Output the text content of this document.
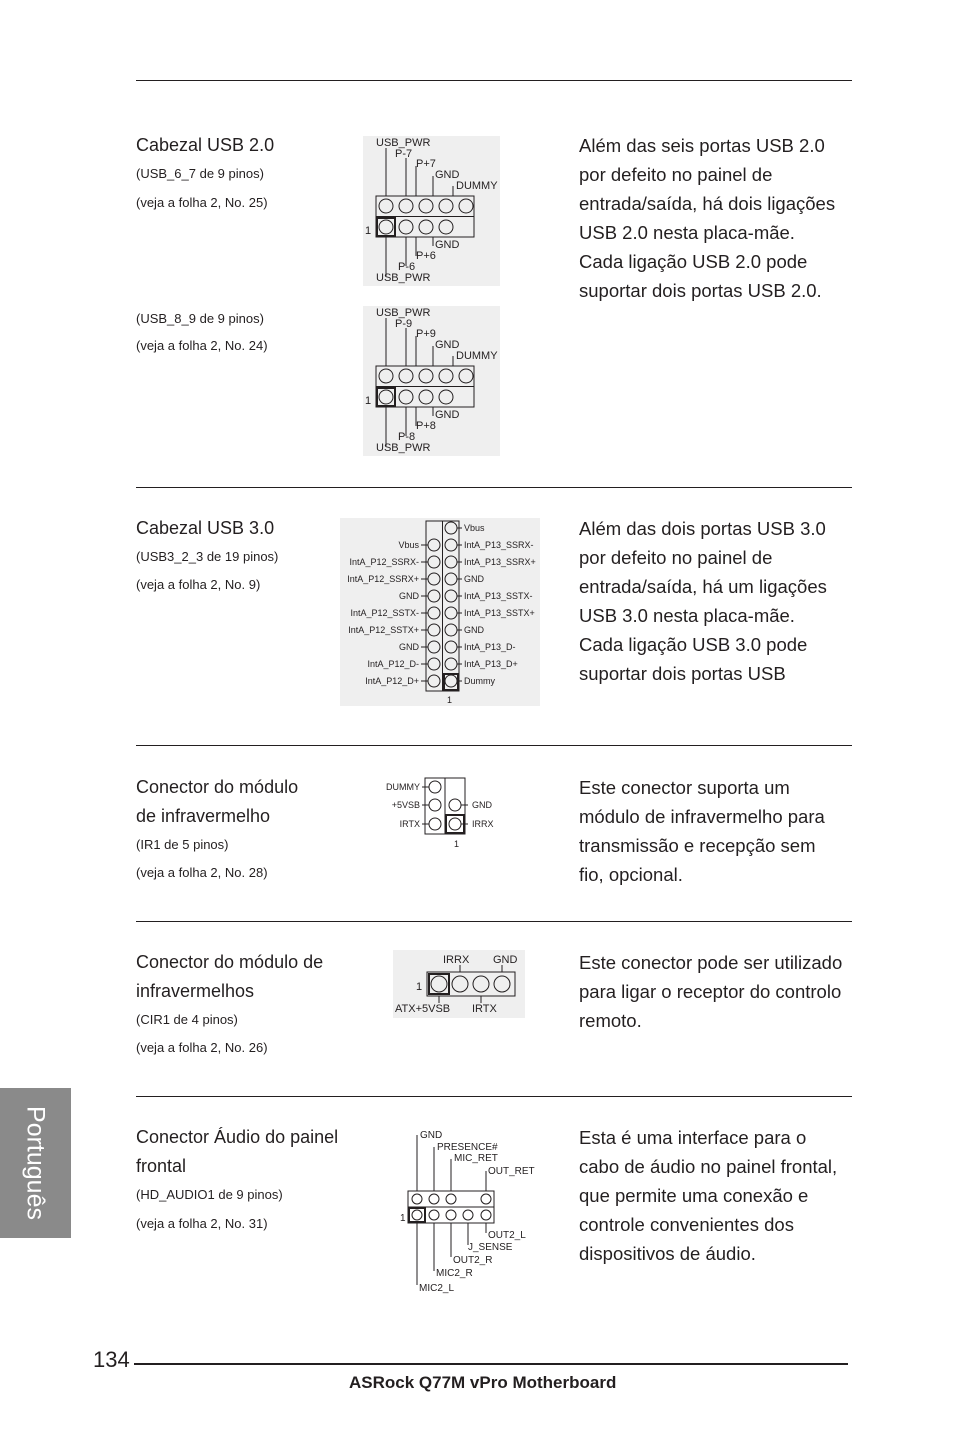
Cabezal USB 2.0
(USB_6_7 de 9 pinos)
(veja a folha 2, No. 25)
(USB_8_9 de 9 pinos)
(veja a folha 2, No. 24)
Além das seis portas USB 2.0
por defeito no painel de
entrada/saída, há dois ligações
USB 2.0 nesta placa-mãe.
Cada ligação USB 2.0 pode
suportar dois portas USB 2.0.
USB_PWR
P-7
P+7
GND
DUMMY
1
GND
P+6
P-6
USB_PWR
USB_PWR
P-9
P+9
GND
DUMMY
1
GND
P+8
P-8
USB_PWR
Cabezal USB 3.0
(USB3_2_3 de 19 pinos)
(veja a folha 2, No. 9)
Além das dois portas USB 3.0
por defeito no painel de
entrada/saída, há um ligações
USB 3.0 nesta placa-mãe.
Cada ligação USB 3.0 pode
suportar dois portas USB
Vbus
IntA_P12_SSRX-
IntA_P12_SSRX+
GND
IntA_P12_SSTX-
IntA_P12_SSTX+
GND
IntA_P12_D-
IntA_P12_D+
Vbus
IntA_P13_SSRX-
IntA_P13_SSRX+
GND
IntA_P13_SSTX-
IntA_P13_SSTX+
GND
IntA_P13_D-
IntA_P13_D+
Dummy
1
Conector do módulo
de infravermelho
(IR1 de 5 pinos)
(veja a folha 2, No. 28)
Este conector suporta um
módulo de infravermelho para
transmissão e recepção sem
fio, opcional.
DUMMY
+5VSB
IRTX
GND
IRRX
1
Conector do módulo de
infravermelhos
(CIR1 de 4 pinos)
(veja a folha 2, No. 26)
Este conector pode ser utilizado
para ligar o receptor do controlo
remoto.
IRRX GND
ATX+5VSB IRTX
1
Conector Áudio do painel
frontal
(HD_AUDIO1 de 9 pinos)
(veja a folha 2, No. 31)
Esta é uma interface para o
cabo de áudio no painel frontal,
que permite uma conexão e
controle convenientes dos
dispositivos de áudio.
GND
PRESENCE#
MIC_RET
OUT_RET
1
OUT2_L
J_SENSE
OUT2_R
MIC2_R
MIC2_L
Português
134
ASRock Q77M vPro Motherboard
